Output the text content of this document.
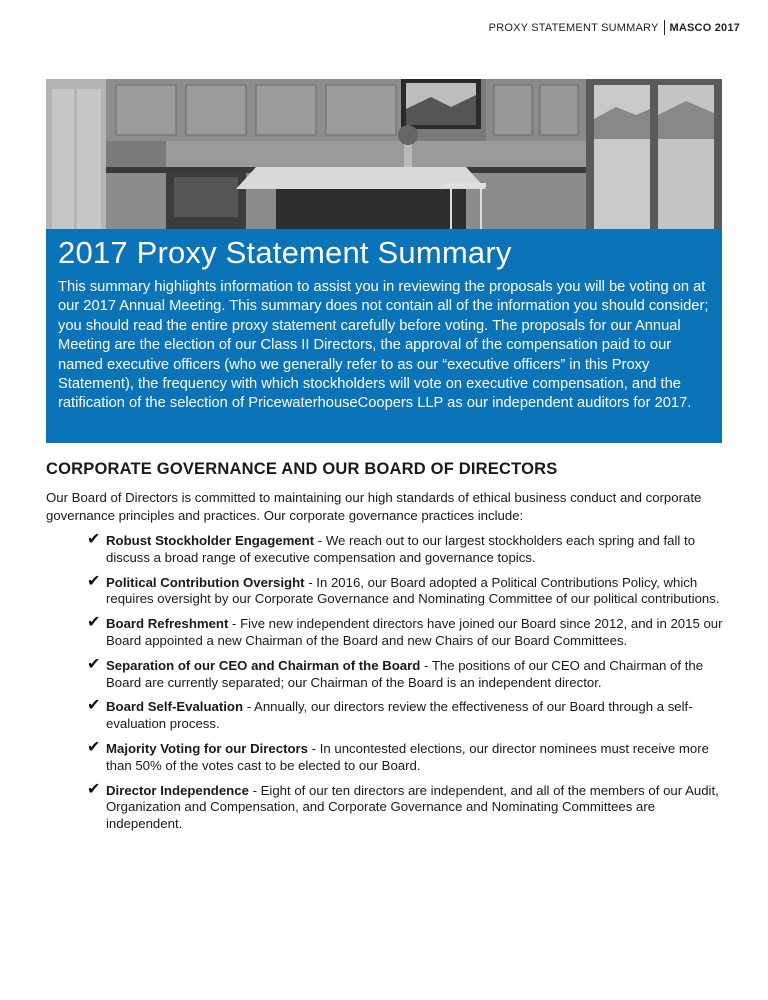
PROXY STATEMENT SUMMARY MASCO 2017
2017 Proxy Statement Summary

This summary highlights information to assist you in reviewing the proposals you will be voting on at our 2017 Annual Meeting. This summary does not contain all of the information you should consider; you should read the entire proxy statement carefully before voting. The proposals for our Annual Meeting are the election of our Class II Directors, the approval of the compensation paid to our named executive officers (who we generally refer to as our “executive officers” in this Proxy Statement), the frequency with which stockholders will vote on executive compensation, and the ratification of the selection of PricewaterhouseCoopers LLP as our independent auditors for 2017.

CORPORATE GOVERNANCE AND OUR BOARD OF DIRECTORS

Our Board of Directors is committed to maintaining our high standards of ethical business conduct and corporate governance principles and practices. Our corporate governance practices include:

✔ Robust Stockholder Engagement - We reach out to our largest stockholders each spring and fall to discuss a broad range of executive compensation and governance topics.
✔ Political Contribution Oversight - In 2016, our Board adopted a Political Contributions Policy, which requires oversight by our Corporate Governance and Nominating Committee of our political contributions.
✔ Board Refreshment - Five new independent directors have joined our Board since 2012, and in 2015 our Board appointed a new Chairman of the Board and new Chairs of our Board Committees.
✔ Separation of our CEO and Chairman of the Board - The positions of our CEO and Chairman of the Board are currently separated; our Chairman of the Board is an independent director.
✔ Board Self-Evaluation - Annually, our directors review the effectiveness of our Board through a self-evaluation process.
✔ Majority Voting for our Directors - In uncontested elections, our director nominees must receive more than 50% of the votes cast to be elected to our Board.
✔ Director Independence - Eight of our ten directors are independent, and all of the members of our Audit, Organization and Compensation, and Corporate Governance and Nominating Committees are independent.
